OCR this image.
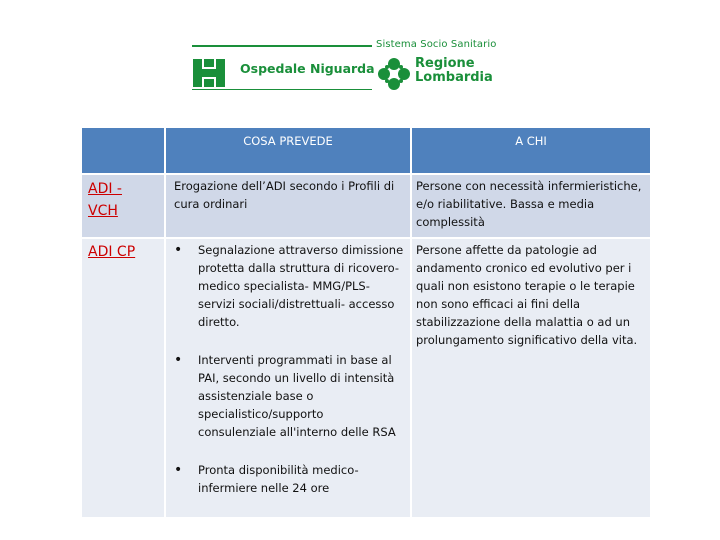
Sistema Socio Sanitario
Ospedale Niguarda	Regione
Lombardia
COSA PREVEDE	A CHI
ADI - VCH
Erogazione dell’ADI secondo i Profili di cura ordinari
Persone con necessità infermieristiche, e/o riabilitative. Bassa e media complessità
ADI CP
•	Segnalazione attraverso dimissione protetta dalla struttura di ricovero- medico specialista- MMG/PLS- servizi sociali/distrettuali- accesso diretto.
• Interventi programmati in base al PAI, secondo un livello di intensità assistenziale base o specialistico/supporto consulenziale all'interno delle RSA
• Pronta disponibilità medico- infermiere nelle 24 ore
Persone affette da patologie ad andamento cronico ed evolutivo per i quali non esistono terapie o le terapie non sono efficaci ai fini della stabilizzazione della malattia o ad un prolungamento significativo della vita.
